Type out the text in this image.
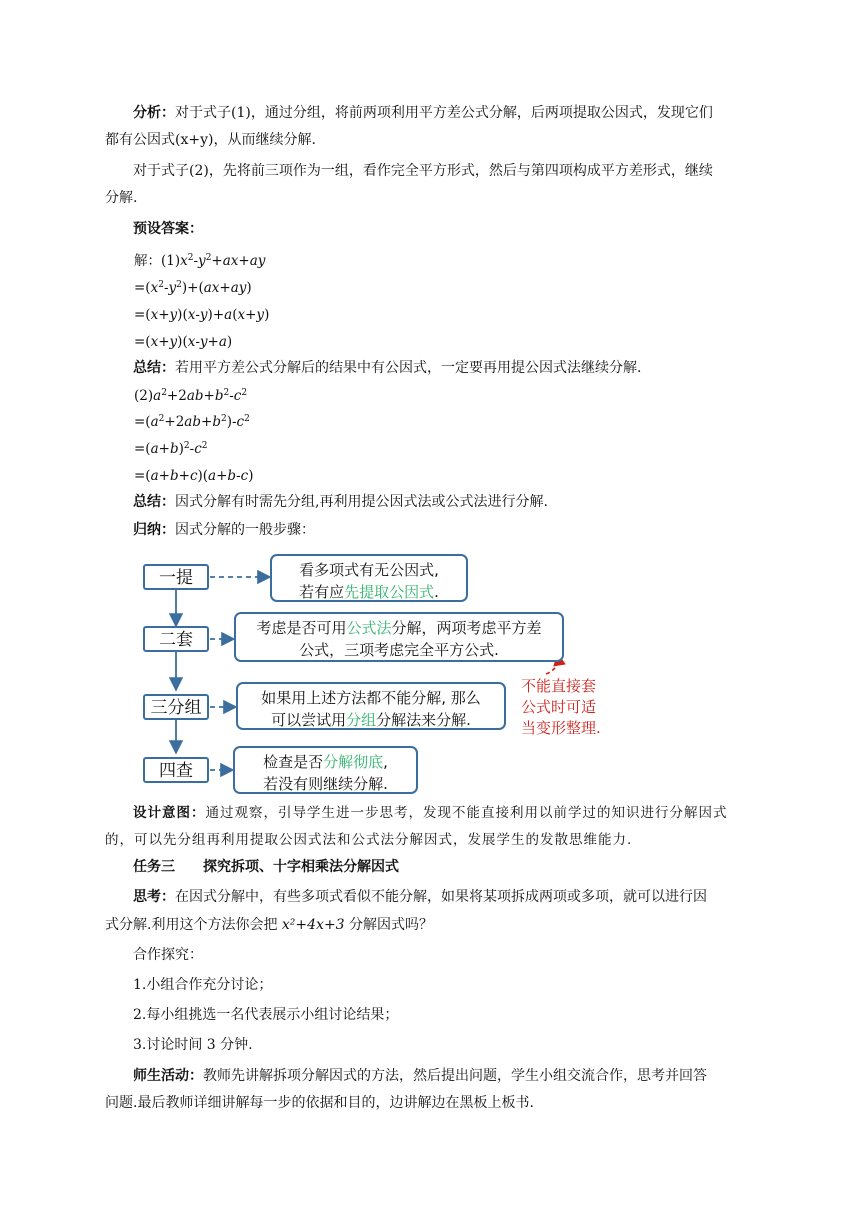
分析：对于式子(1)，通过分组，将前两项利用平方差公式分解，后两项提取公因式，发现它们

都有公因式(x+y)，从而继续分解.

对于式子(2)，先将前三项作为一组，看作完全平方形式，然后与第四项构成平方差形式，继续

分解.

预设答案：

解：$(1)x^2-y^2+ax+ay$

$=(x^2-y^2)+(ax+ay)$

=(x+y)(x-y)+a(x+y)

=(x+y)(x-y+a)

总结：若用平方差公式分解后的结果中有公因式，一定要再用提公因式法继续分解.

$(2)a^2+2ab+b^2-c^2$

$=(a^2+2ab+b^2)-c^2$

$=(a+b)^2-c^2$

=(a+b+c)(a+b-c)

总结：因式分解有时需先分组,再利用提公因式法或公式法进行分解.

归纳：因式分解的一般步骤：

一提
二套
三分组
四查
看多项式有无公因式,
若有应先提取公因式.
考虑是否可用公式法分解，两项考虑平方差
公式，三项考虑完全平方公式.
如果用上述方法都不能分解, 那么
可以尝试用分组分解法来分解.
检查是否分解彻底,
若没有则继续分解.
不能直接套
公式时可适
当变形整理.

设计意图：通过观察，引导学生进一步思考，发现不能直接利用以前学过的知识进行分解因式

的，可以先分组再利用提取公因式法和公式法分解因式，发展学生的发散思维能力.

任务三 探究拆项、十字相乘法分解因式

思考：在因式分解中，有些多项式看似不能分解，如果将某项拆成两项或多项，就可以进行因

式分解.利用这个方法你会把 x²+4x+3 分解因式吗？

合作探究：

1.小组合作充分讨论；

2.每小组挑选一名代表展示小组讨论结果；

3.讨论时间 3 分钟.

师生活动：教师先讲解拆项分解因式的方法，然后提出问题，学生小组交流合作，思考并回答

问题.最后教师详细讲解每一步的依据和目的，边讲解边在黑板上板书.
